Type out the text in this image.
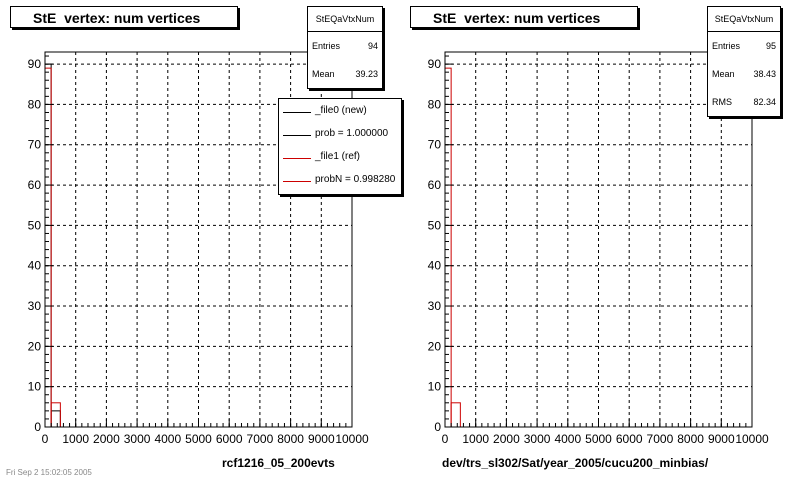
0
10
20
30
40
50
60
70
80
90
0 1000 2000 3000 4000 5000 6000 7000 8000 9000 10000
StE  vertex: num vertices	StEQaVtxNum
Entries	94
Mean 39.23
_file0 (new)
prob = 1.000000
_file1 (ref)
probN = 0.998280
rcf1216_05_200evts
0
10
20
30
40
50
60
70
80
90
0 1000 2000 3000 4000 5000 6000 7000 8000 9000 10000
StE  vertex: num vertices	StEQaVtxNum
Entries	95
Mean 38.43
RMS 82.34
dev/trs_sl302/Sat/year_2005/cucu200_minbias/
Fri Sep 2 15:02:05 2005
